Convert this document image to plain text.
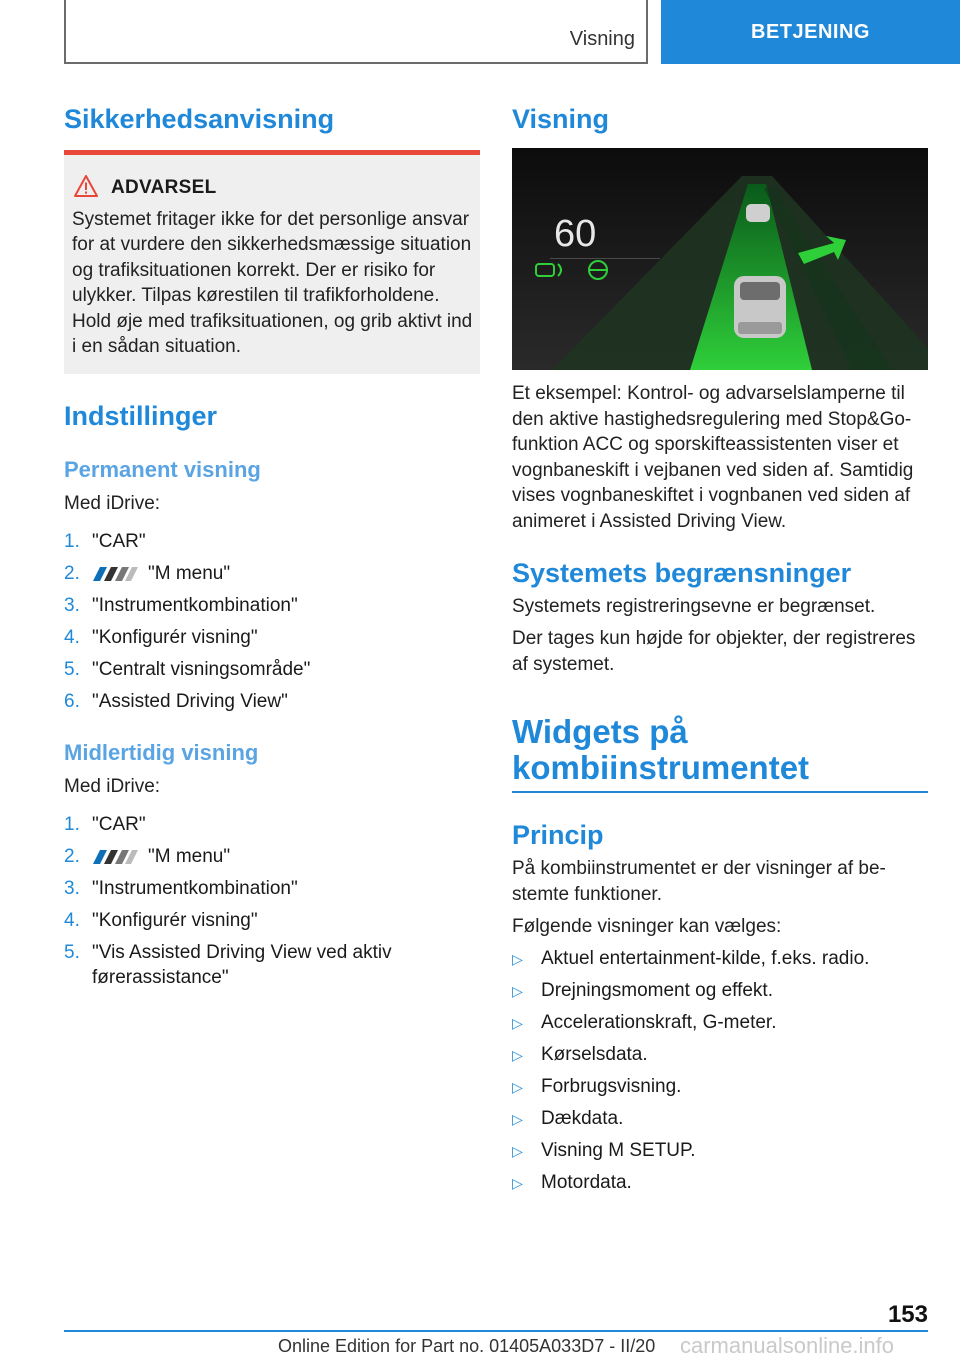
Visning	BETJENING
Sikkerhedsanvisning
ADVARSEL
Systemet fritager ikke for det personlige ansvar
for at vurdere den sikkerhedsmæssige situation
og trafiksituationen korrekt. Der er risiko for
ulykker. Tilpas kørestilen til trafikforholdene.
Hold øje med trafiksituationen, og grib aktivt ind
i en sådan situation.
Indstillinger
Permanent visning
Med iDrive:
1. "CAR"
2.	"M menu"
3. "Instrumentkombination"
4. "Konfigurér visning"
5. "Centralt visningsområde"
6. "Assisted Driving View"
Midlertidig visning
Med iDrive:
1. "CAR"
2.	"M menu"
3. "Instrumentkombination"
4. "Konfigurér visning"
5. "Vis Assisted Driving View ved aktiv
førerassistance"
Visning
60
Et eksempel: Kontrol- og advarselslamperne til
den aktive hastighedsregulering med Stop&Go-
funktion ACC og sporskifteassistenten viser et
vognbaneskift i vejbanen ved siden af. Samtidig
vises vognbaneskiftet i vognbanen ved siden af
animeret i Assisted Driving View.
Systemets begrænsninger
Systemets registreringsevne er begrænset.
Der tages kun højde for objekter, der registreres
af systemet.
Widgets på
kombiinstrumentet
Princip
På kombiinstrumentet er der visninger af be-
stemte funktioner.
Følgende visninger kan vælges:
▷ Aktuel entertainment-kilde, f.eks. radio.
▷ Drejningsmoment og effekt.
▷ Accelerationskraft, G-meter.
▷ Kørselsdata.
▷ Forbrugsvisning.
▷ Dækdata.
▷ Visning M SETUP.
▷ Motordata.
153
Online Edition for Part no. 01405A033D7 - II/20 carmanualsonline.info
